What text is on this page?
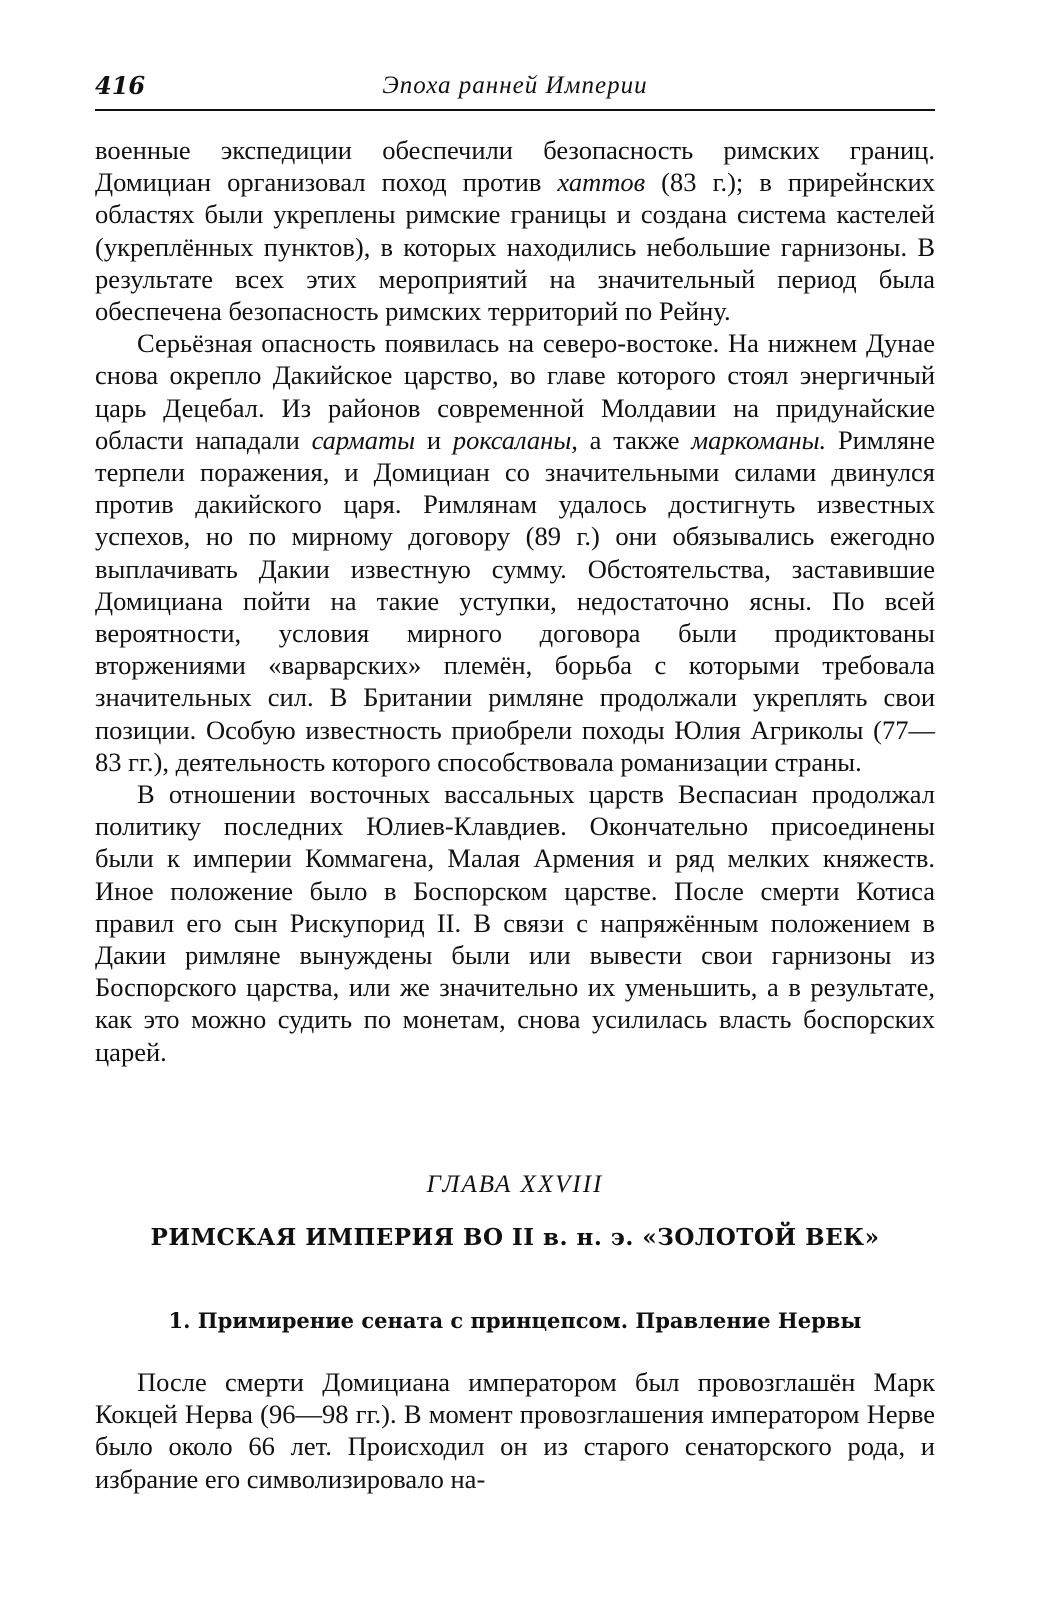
416	Эпоха ранней Империи

военные экспедиции обеспечили безопасность римских границ. Домициан организовал поход против хаттов (83 г.); в прирейнских областях были укреплены римские границы и создана система кастелей (укреплённых пунктов), в которых находились небольшие гарнизоны. В результате всех этих мероприятий на значительный период была обеспечена безопасность римских территорий по Рейну.

Серьёзная опасность появилась на северо-востоке. На нижнем Дунае снова окрепло Дакийское царство, во главе которого стоял энергичный царь Децебал. Из районов современной Молдавии на придунайские области нападали сарматы и роксаланы, а также маркоманы. Римляне терпели поражения, и Домициан со значительными силами двинулся против дакийского царя. Римлянам удалось достигнуть известных успехов, но по мирному договору (89 г.) они обязывались ежегодно выплачивать Дакии известную сумму. Обстоятельства, заставившие Домициана пойти на такие уступки, недостаточно ясны. По всей вероятности, условия мирного договора были продиктованы вторжениями «варварских» племён, борьба с которыми требовала значительных сил. В Британии римляне продолжали укреплять свои позиции. Особую известность приобрели походы Юлия Агриколы (77—83 гг.), деятельность которого способствовала романизации страны.

В отношении восточных вассальных царств Веспасиан продолжал политику последних Юлиев-Клавдиев. Окончательно присоединены были к империи Коммагена, Малая Армения и ряд мелких княжеств. Иное положение было в Боспорском царстве. После смерти Котиса правил его сын Рискупорид II. В связи с напряжённым положением в Дакии римляне вынуждены были или вывести свои гарнизоны из Боспорского царства, или же значительно их уменьшить, а в результате, как это можно судить по монетам, снова усилилась власть боспорских царей.

ГЛАВА XXVIII
РИМСКАЯ ИМПЕРИЯ ВО II в. н. э. «ЗОЛОТОЙ ВЕК»
1. Примирение сената с принцепсом. Правление Нервы

После смерти Домициана императором был провозглашён Марк Кокцей Нерва (96—98 гг.). В момент провозглашения императором Нерве было около 66 лет. Происходил он из старого сенаторского рода, и избрание его символизировало на-
